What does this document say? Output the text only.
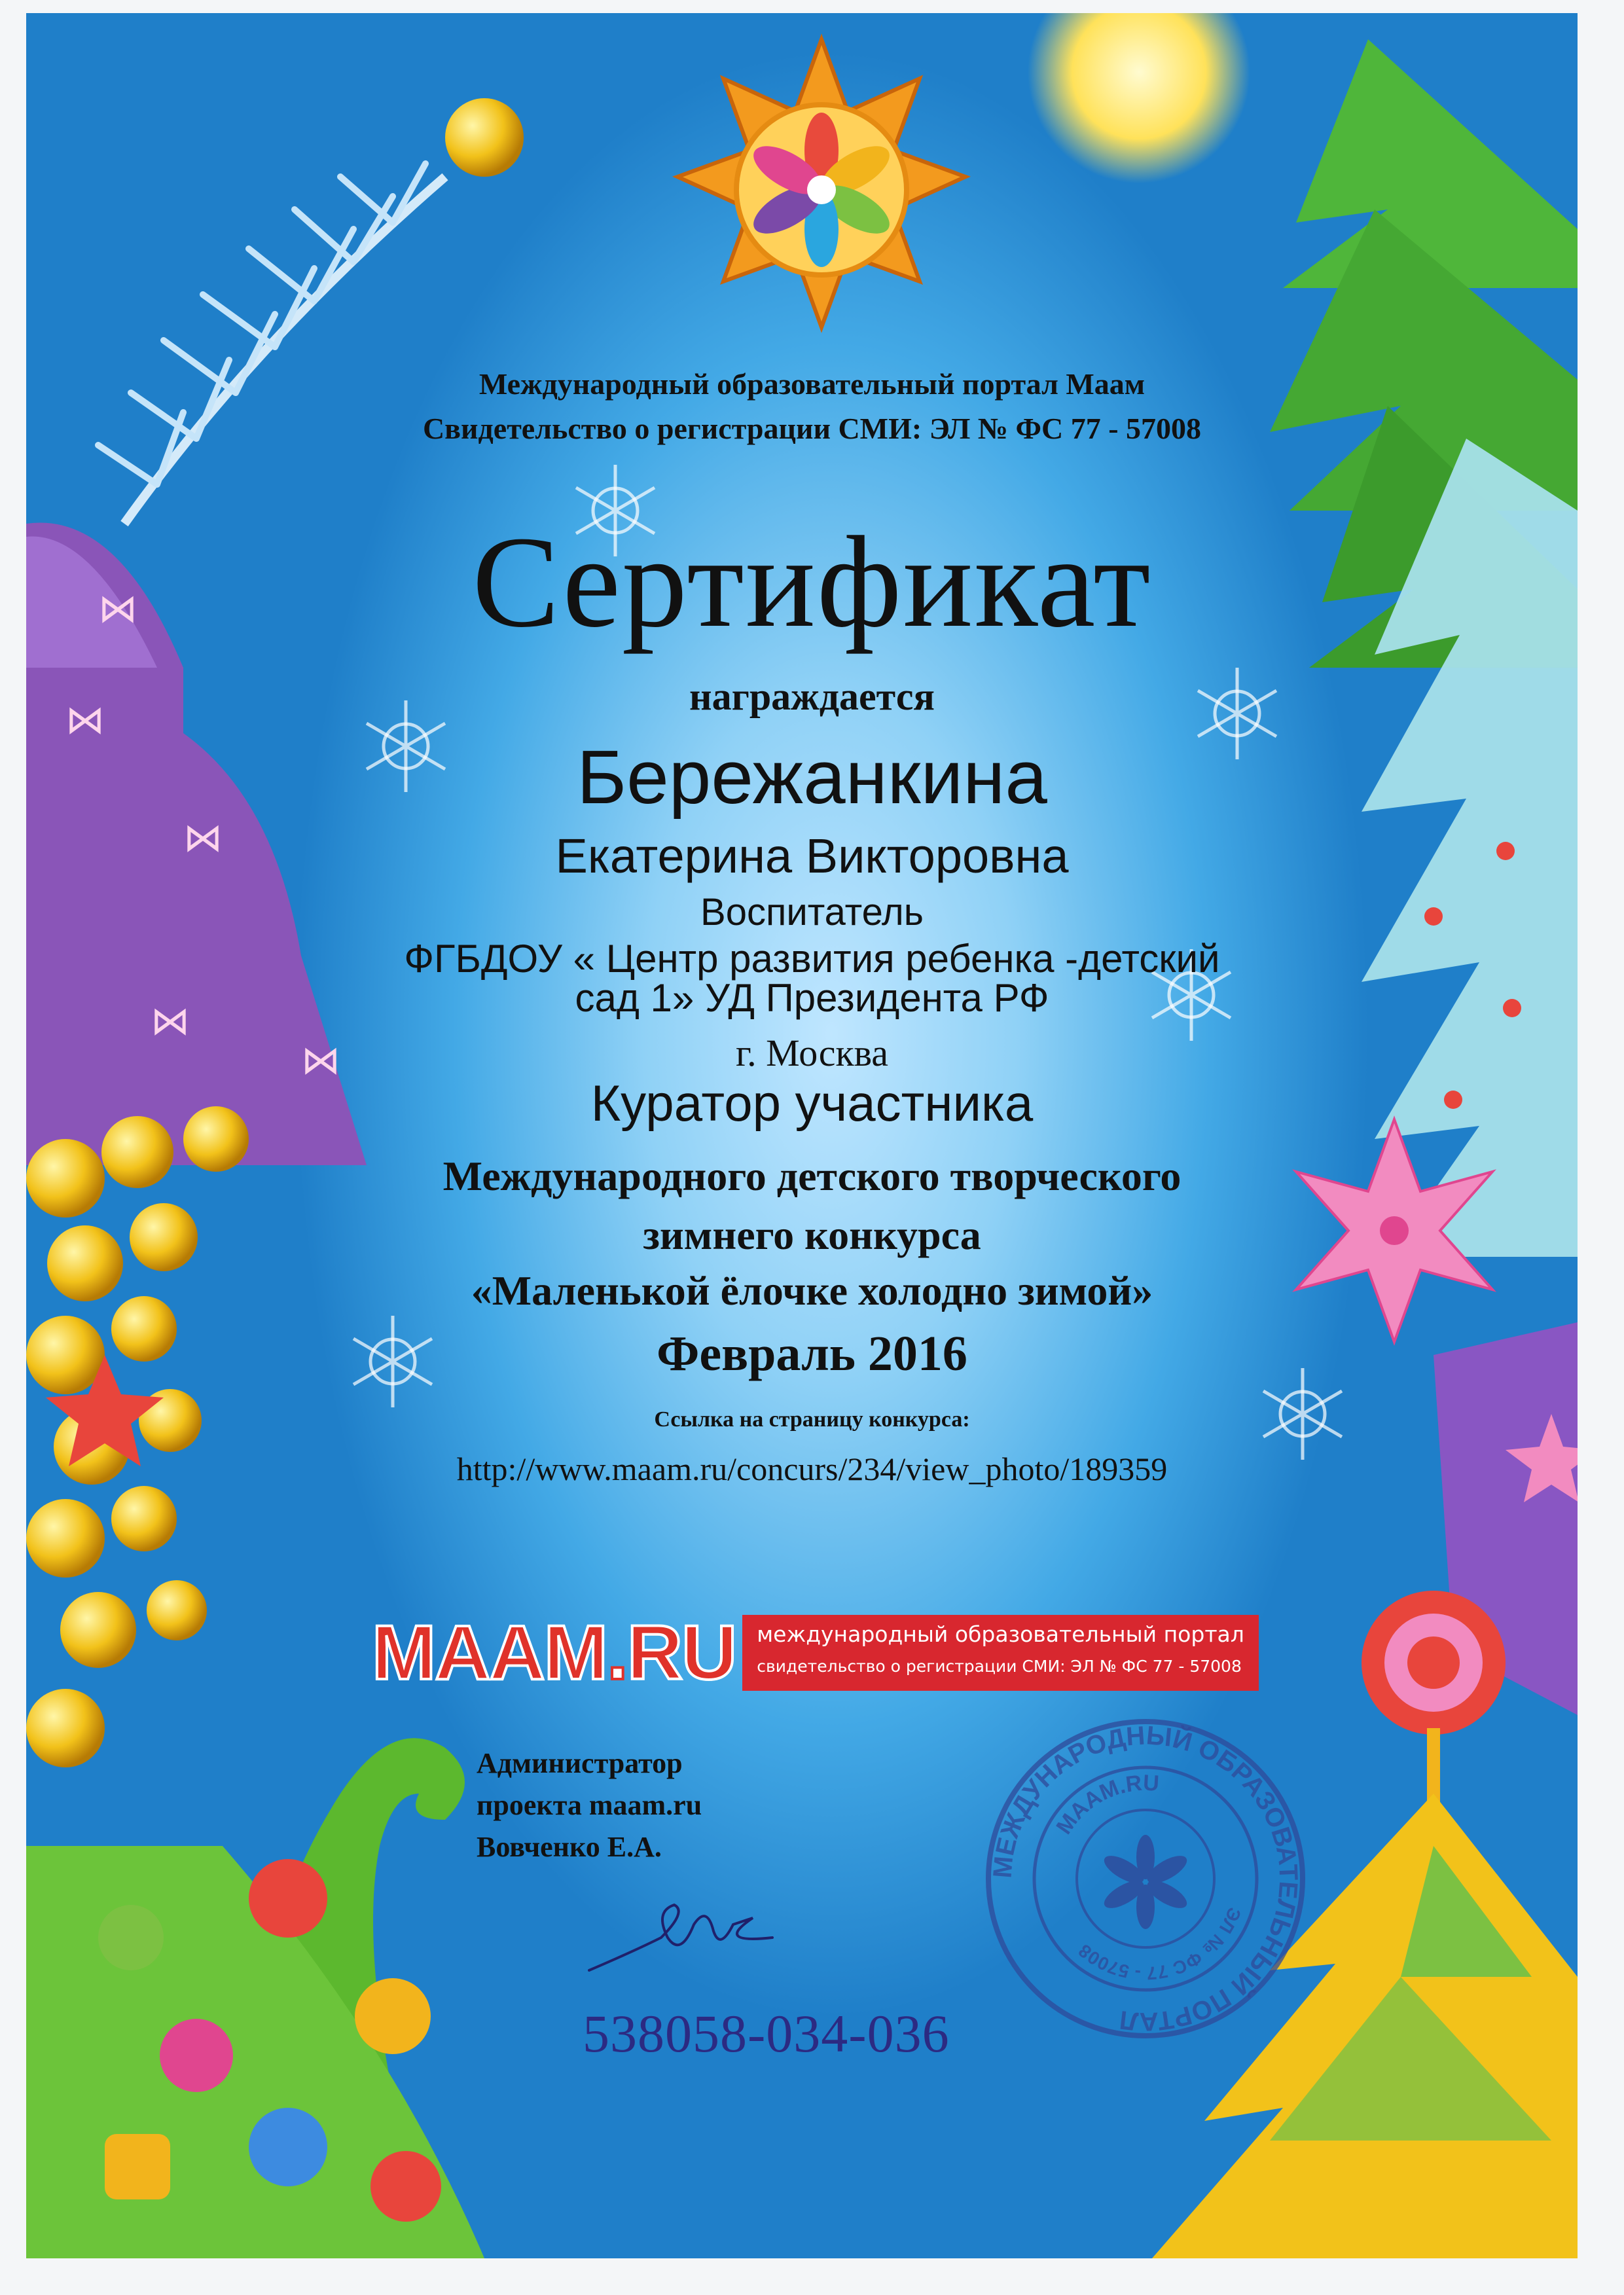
⋈
⋈
⋈
⋈
⋈
МЕЖДУНАРОДНЫЙ ОБРАЗОВАТЕЛЬНЫЙ ПОРТАЛ
MAAM.RU
ЭЛ № ФС 77 - 57008

Международный образовательный портал Маам

Свидетельство о регистрации СМИ: ЭЛ № ФС 77 - 57008

Сертификат

награждается

Бережанкина

Екатерина Викторовна

Воспитатель

ФГБДОУ « Центр развития ребенка -детский

сад 1» УД Президента РФ

г. Москва

Куратор участника

Международного детского творческого

зимнего конкурса

«Маленькой ёлочке холодно зимой»

Февраль 2016

Ссылка на страницу конкурса:

http://www.maam.ru/concurs/234/view_photo/189359

MAAM.RU международный образовательный портал
свидетельство о регистрации СМИ: ЭЛ № ФС 77 - 57008
Администратор
проекта maam.ru
Вовченко Е.А.
538058-034-036
